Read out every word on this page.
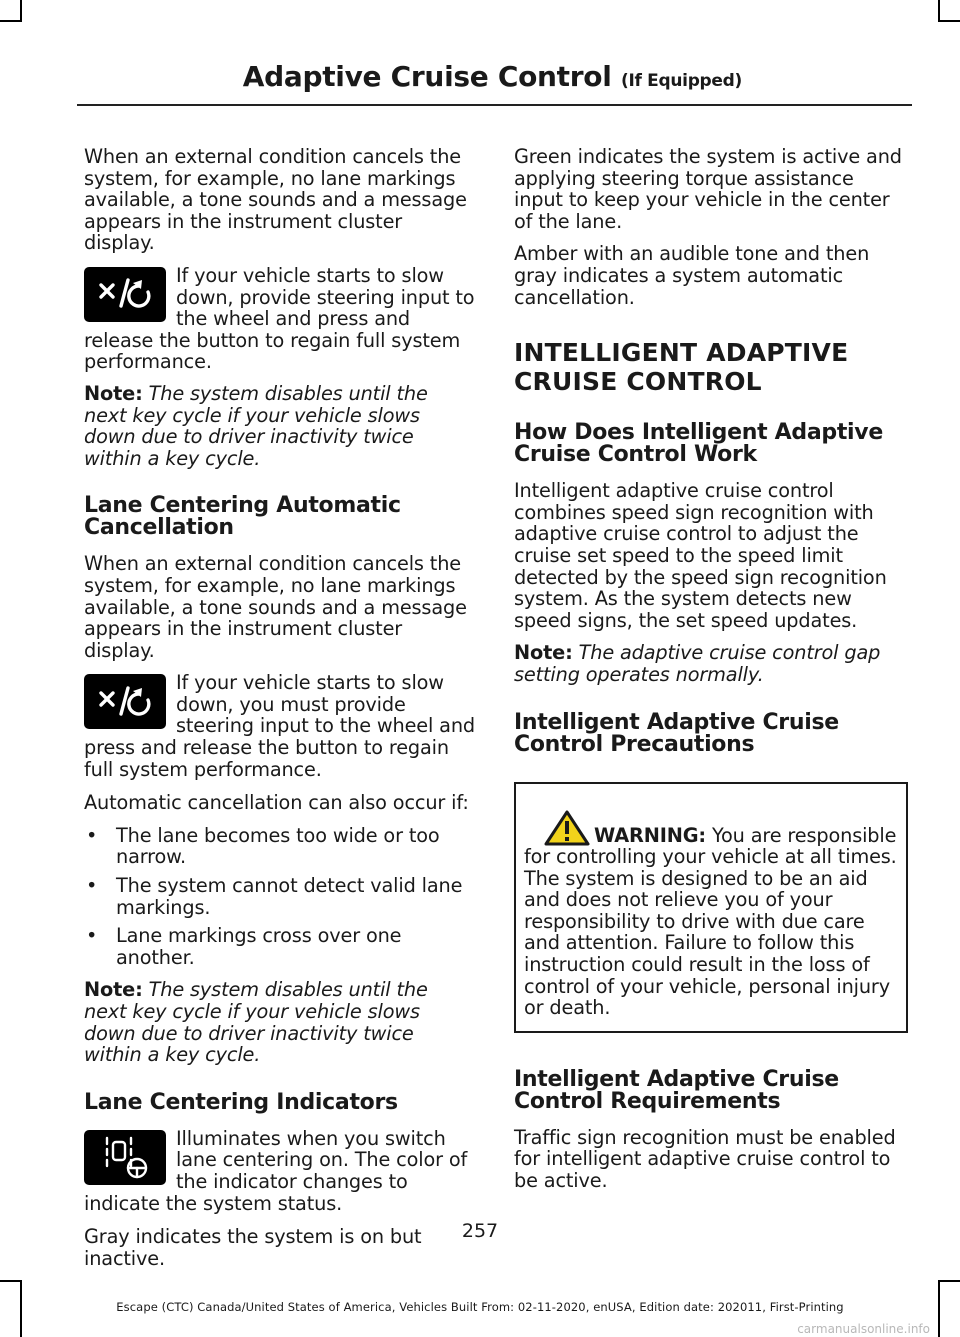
Adaptive Cruise Control (If Equipped)

When an external condition cancels the system, for example, no lane markings available, a tone sounds and a message appears in the instrument cluster display.

If your vehicle starts to slow down, provide steering input to the wheel and press and release the button to regain full system performance.

Note: The system disables until the next key cycle if your vehicle slows down due to driver inactivity twice within a key cycle.

Lane Centering Automatic Cancellation

When an external condition cancels the system, for example, no lane markings available, a tone sounds and a message appears in the instrument cluster display.

If your vehicle starts to slow down, you must provide steering input to the wheel and press and release the button to regain full system performance.

Automatic cancellation can also occur if:

• The lane becomes too wide or too narrow.
• The system cannot detect valid lane markings.
• Lane markings cross over one another.

Note: The system disables until the next key cycle if your vehicle slows down due to driver inactivity twice within a key cycle.

Lane Centering Indicators
Illuminates when you switch lane centering on. The color of the indicator changes to indicate the system status.

Gray indicates the system is on but inactive.

Green indicates the system is active and applying steering torque assistance input to keep your vehicle in the center of the lane.

Amber with an audible tone and then gray indicates a system automatic cancellation.

INTELLIGENT ADAPTIVE
CRUISE CONTROL
How Does Intelligent Adaptive Cruise Control Work

Intelligent adaptive cruise control combines speed sign recognition with adaptive cruise control to adjust the cruise set speed to the speed limit detected by the speed sign recognition system. As the system detects new speed signs, the set speed updates.

Note: The adaptive cruise control gap setting operates normally.

Intelligent Adaptive Cruise Control Precautions
WARNING: You are responsible for controlling your vehicle at all times. The system is designed to be an aid and does not relieve you of your responsibility to drive with due care and attention. Failure to follow this instruction could result in the loss of control of your vehicle, personal injury or death.
Intelligent Adaptive Cruise Control Requirements

Traffic sign recognition must be enabled for intelligent adaptive cruise control to be active.

257
Escape (CTC) Canada/United States of America, Vehicles Built From: 02-11-2020, enUSA, Edition date: 202011, First-Printing
carmanualsonline.info
